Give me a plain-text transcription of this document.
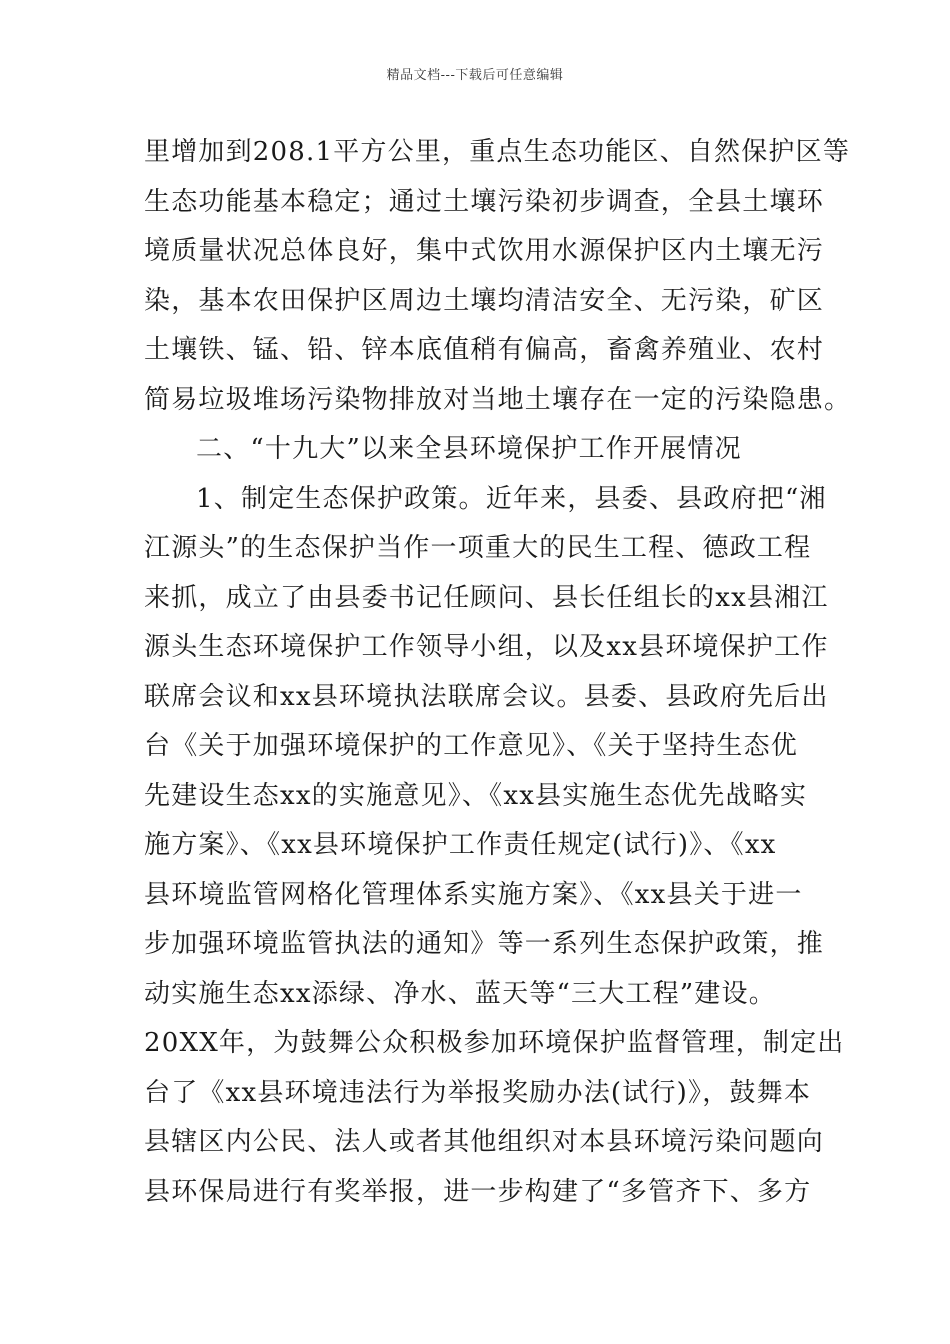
精品文档---下载后可任意编辑
里增加到208.1平方公里，重点生态功能区、自然保护区等
生态功能基本稳定；通过土壤污染初步调查，全县土壤环
境质量状况总体良好，集中式饮用水源保护区内土壤无污
染，基本农田保护区周边土壤均清洁安全、无污染，矿区
土壤铁、锰、铅、锌本底值稍有偏高，畜禽养殖业、农村
简易垃圾堆场污染物排放对当地土壤存在一定的污染隐患。
二、“十九大”以来全县环境保护工作开展情况
1、制定生态保护政策。近年来，县委、县政府把“湘
江源头”的生态保护当作一项重大的民生工程、德政工程
来抓，成立了由县委书记任顾问、县长任组长的xx县湘江
源头生态环境保护工作领导小组，以及xx县环境保护工作
联席会议和xx县环境执法联席会议。县委、县政府先后出
台《关于加强环境保护的工作意见》、《关于坚持生态优
先建设生态xx的实施意见》、《xx县实施生态优先战略实
施方案》、《xx县环境保护工作责任规定(试行)》、《xx
县环境监管网格化管理体系实施方案》、《xx县关于进一
步加强环境监管执法的通知》等一系列生态保护政策，推
动实施生态xx添绿、净水、蓝天等“三大工程”建设。
20XX年，为鼓舞公众积极参加环境保护监督管理，制定出
台了《xx县环境违法行为举报奖励办法(试行)》，鼓舞本
县辖区内公民、法人或者其他组织对本县环境污染问题向
县环保局进行有奖举报，进一步构建了“多管齐下、多方
